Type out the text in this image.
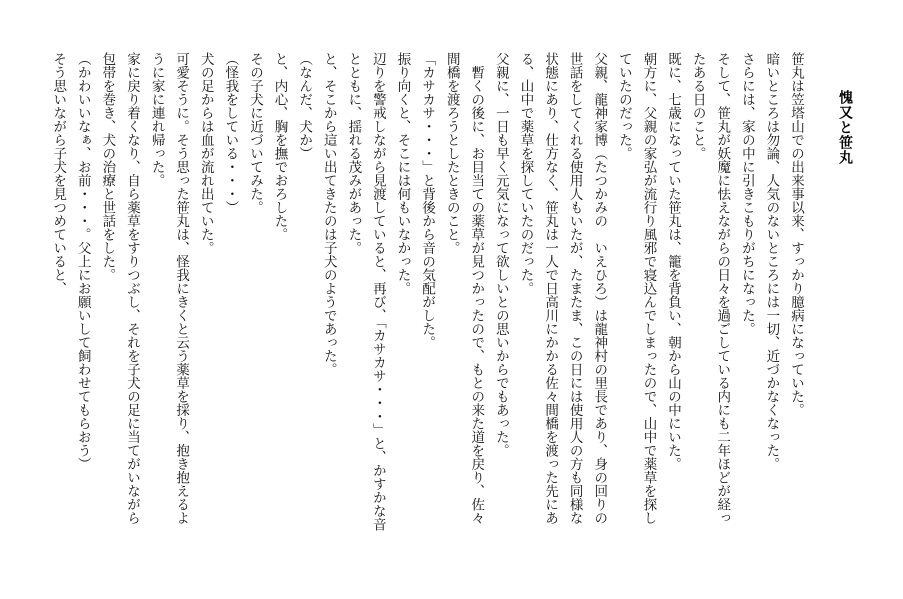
愧又と笹丸

笹丸は笠塔山での出来事以来、すっかり臆病になっていた。

暗いところは勿論、人気のないところには一切、近づかなくなった。

さらには、家の中に引きこもりがちになった。

そして、笹丸が妖魔に怯えながらの日々を過ごしている内にも二年ほどが経っ

たある日のこと。

既に、七歳になっていた笹丸は、籠を背負い、朝から山の中にいた。

朝方に、父親の家弘が流行り風邪で寝込んでしまったので、山中で薬草を探し

ていたのだった。

父親、龍神家博（たつかみの　いえひろ）は龍神村の里長であり、身の回りの

世話をしてくれる使用人もいたが、たまたま、この日には使用人の方も同様な

状態にあり、仕方なく、笹丸は一人で日高川にかかる佐々間橋を渡った先にあ

る、山中で薬草を探していたのだった。

父親に、一日も早く元気になって欲しいとの思いからでもあった。

　暫くの後に、お目当ての薬草が見つかったので、もとの来た道を戻り、佐々

間橋を渡ろうとしたときのこと。

「カサカサ・・・」と背後から音の気配がした。

振り向くと、そこには何もいなかった。

辺りを警戒しながら見渡していると、再び、「カサカサ・・・」と、かすかな音

とともに、揺れる茂みがあった。

と、そこから這い出てきたのは子犬のようであった。

（なんだ、犬か）

と、内心、胸を撫でおろした。

その子犬に近づいてみた。

（怪我をしている・・・）

犬の足からは血が流れ出ていた。

可愛そうに。そう思った笹丸は、怪我にきくと云う薬草を採り、抱き抱えるよ

うに家に連れ帰った。

家に戻り着くなり、自ら薬草をすりつぶし、それを子犬の足に当てがいながら

包帯を巻き、犬の治療と世話をした。

（かわいいなぁ、お前・・・。父上にお願いして飼わせてもらおう）

そう思いながら子犬を見つめていると、
